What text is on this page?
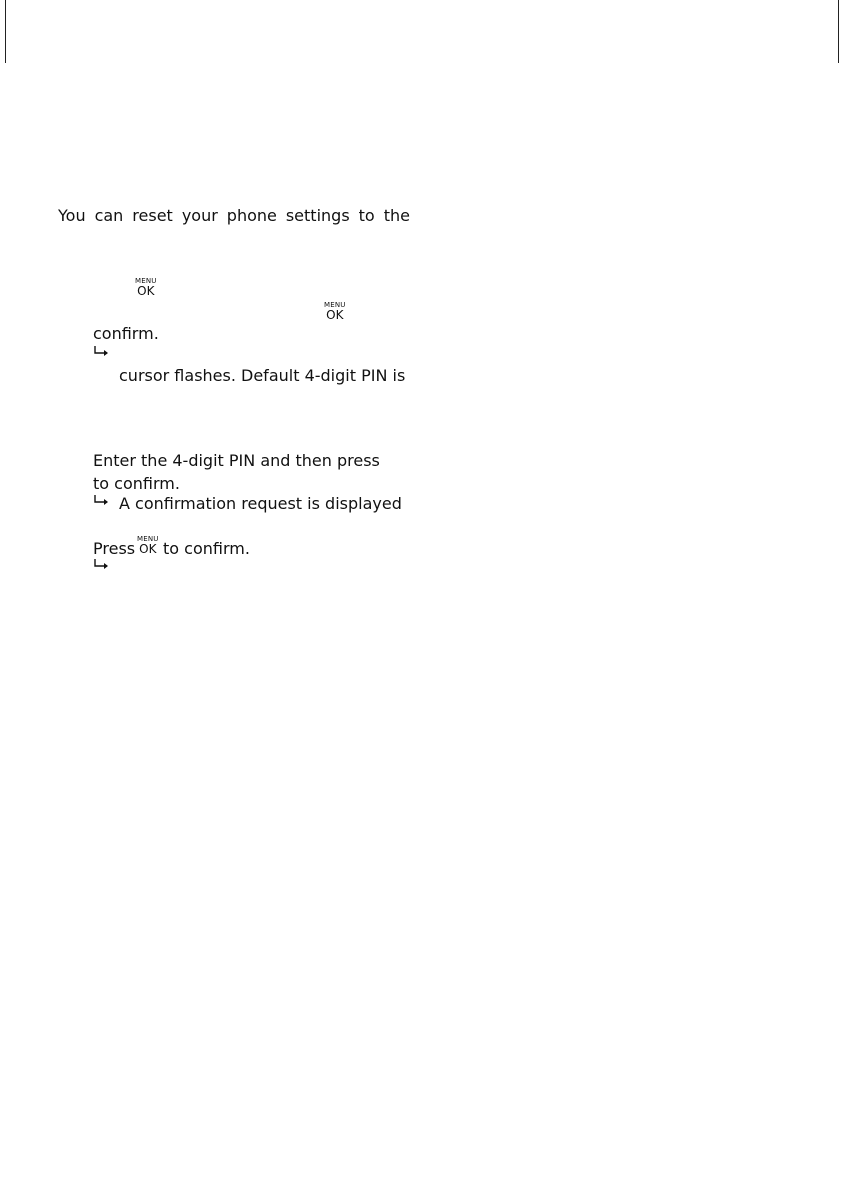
You can reset your phone settings to the
MENU
OK
MENU
OK
confirm.
cursor flashes. Default 4-digit PIN is
Enter the 4-digit PIN and then press
to confirm.
A confirmation request is displayed
Press MENU
OK to confirm.
